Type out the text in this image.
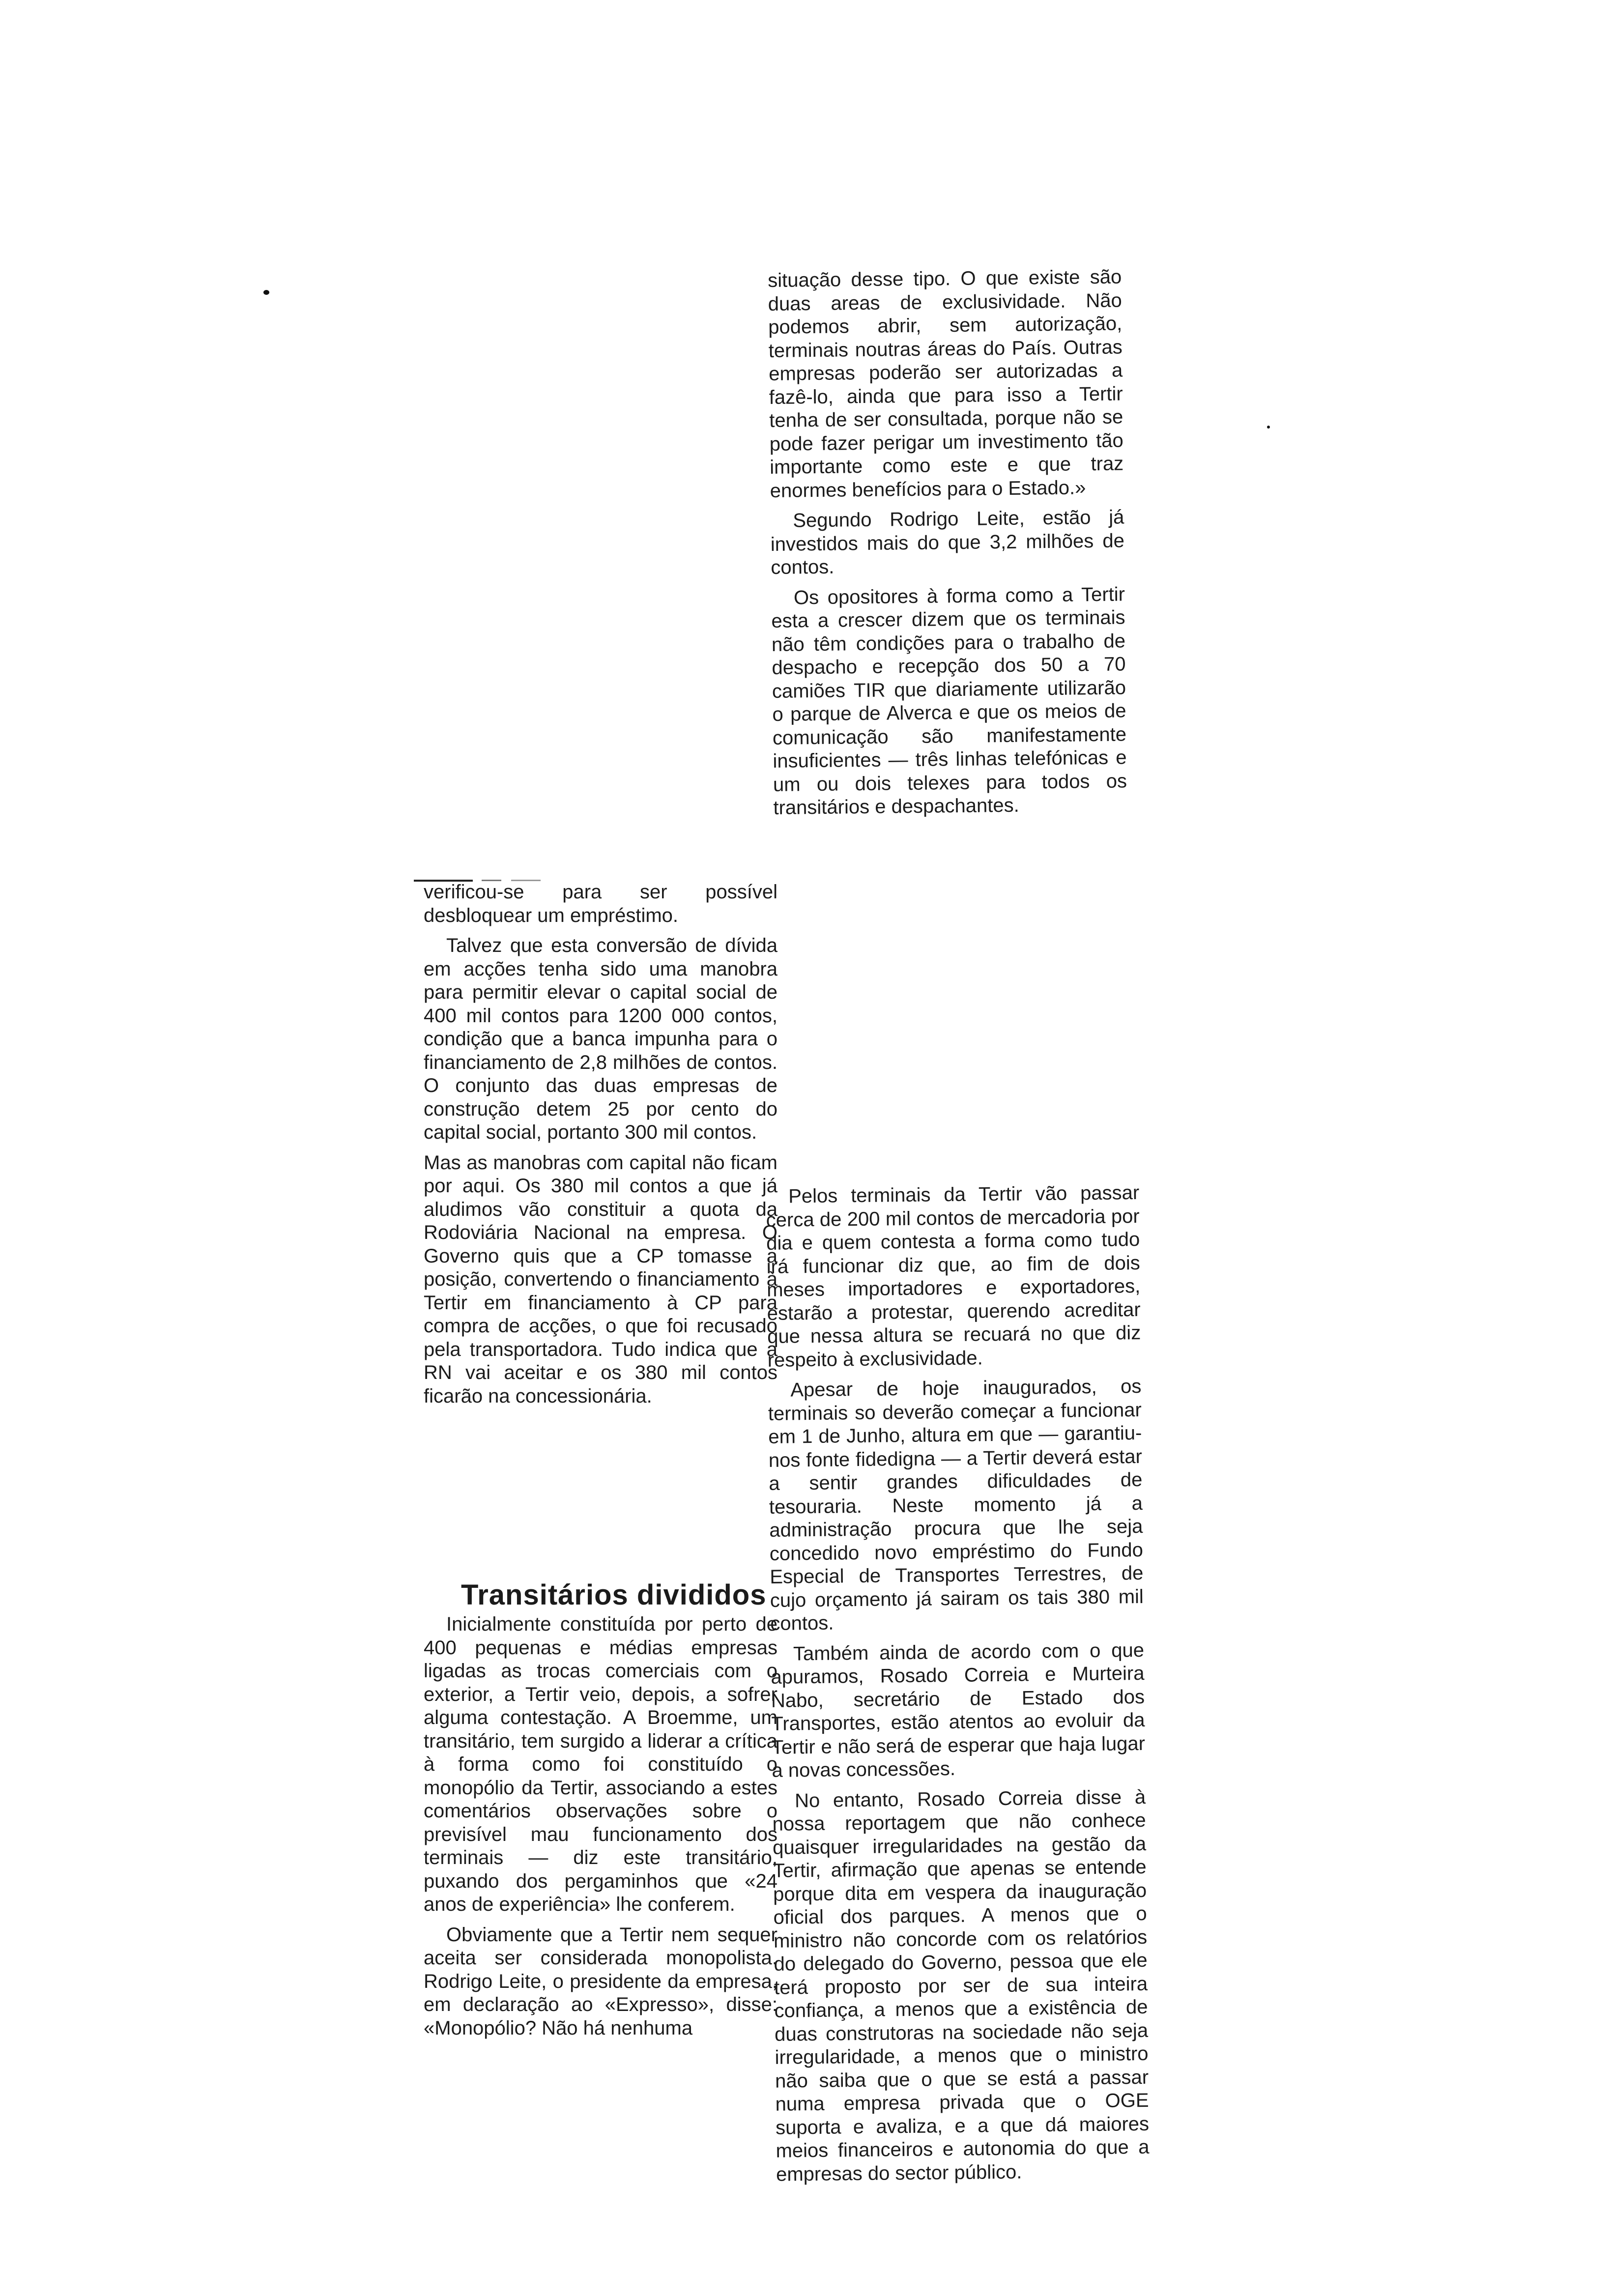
situação desse tipo. O que existe são duas areas de exclusividade. Não podemos abrir, sem autorização, terminais noutras áreas do País. Outras empresas poderão ser autorizadas a fazê-lo, ainda que para isso a Tertir tenha de ser consultada, porque não se pode fazer perigar um investimento tão importante como este e que traz enormes benefícios para o Estado.»

Segundo Rodrigo Leite, estão já investidos mais do que 3,2 milhões de contos.

Os opositores à forma como a Tertir esta a crescer dizem que os terminais não têm condições para o trabalho de despacho e recepção dos 50 a 70 camiões TIR que diariamente utilizarão o parque de Alverca e que os meios de comunicação são manifestamente insuficientes — três linhas telefónicas e um ou dois telexes para todos os transitários e despachantes.

Pelos terminais da Tertir vão passar cerca de 200 mil contos de mercadoria por dia e quem contesta a forma como tudo irá funcionar diz que, ao fim de dois meses importadores e exportadores, estarão a protestar, querendo acreditar que nessa altura se recuará no que diz respeito à exclusividade.

Apesar de hoje inaugurados, os terminais so deverão começar a funcionar em 1 de Junho, altura em que — garantiu-nos fonte fidedigna — a Tertir deverá estar a sentir grandes dificuldades de tesouraria. Neste momento já a administração procura que lhe seja concedido novo empréstimo do Fundo Especial de Transportes Terrestres, de cujo orçamento já sairam os tais 380 mil contos.

Também ainda de acordo com o que apuramos, Rosado Correia e Murteira Nabo, secretário de Estado dos Transportes, estão atentos ao evoluir da Tertir e não será de esperar que haja lugar a novas concessões.

No entanto, Rosado Correia disse à nossa reportagem que não conhece quaisquer irregularidades na gestão da Tertir, afirmação que apenas se entende porque dita em vespera da inauguração oficial dos parques. A menos que o ministro não concorde com os relatórios do delegado do Governo, pessoa que ele terá proposto por ser de sua inteira confiança, a menos que a existência de duas construtoras na sociedade não seja irregularidade, a menos que o ministro não saiba que o que se está a passar numa empresa privada que o OGE suporta e avaliza, e a que dá maiores meios financeiros e autonomia do que a empresas do sector público.

verificou-se para ser possível desbloquear um empréstimo.

Talvez que esta conversão de dívida em acções tenha sido uma manobra para permitir elevar o capital social de 400 mil contos para 1200 000 contos, condição que a banca impunha para o financiamento de 2,8 milhões de contos. O conjunto das duas empresas de construção detem 25 por cento do capital social, portanto 300 mil contos.

Mas as manobras com capital não ficam por aqui. Os 380 mil contos a que já aludimos vão constituir a quota da Rodoviária Nacional na empresa. O Governo quis que a CP tomasse a posição, convertendo o financiamento à Tertir em financiamento à CP para compra de acções, o que foi recusado pela transportadora. Tudo indica que a RN vai aceitar e os 380 mil contos ficarão na concessionária.

Transitários divididos

Inicialmente constituída por perto de 400 pequenas e médias empresas ligadas as trocas comerciais com o exterior, a Tertir veio, depois, a sofrer alguma contestação. A Broemme, um transitário, tem surgido a liderar a crítica à forma como foi constituído o monopólio da Tertir, associando a estes comentários observações sobre o previsível mau funcionamento dos terminais — diz este transitário, puxando dos pergaminhos que «24 anos de experiência» lhe conferem.

Obviamente que a Tertir nem sequer aceita ser considerada monopolista. Rodrigo Leite, o presidente da empresa, em declaração ao «Expresso», disse: «Monopólio? Não há nenhuma
